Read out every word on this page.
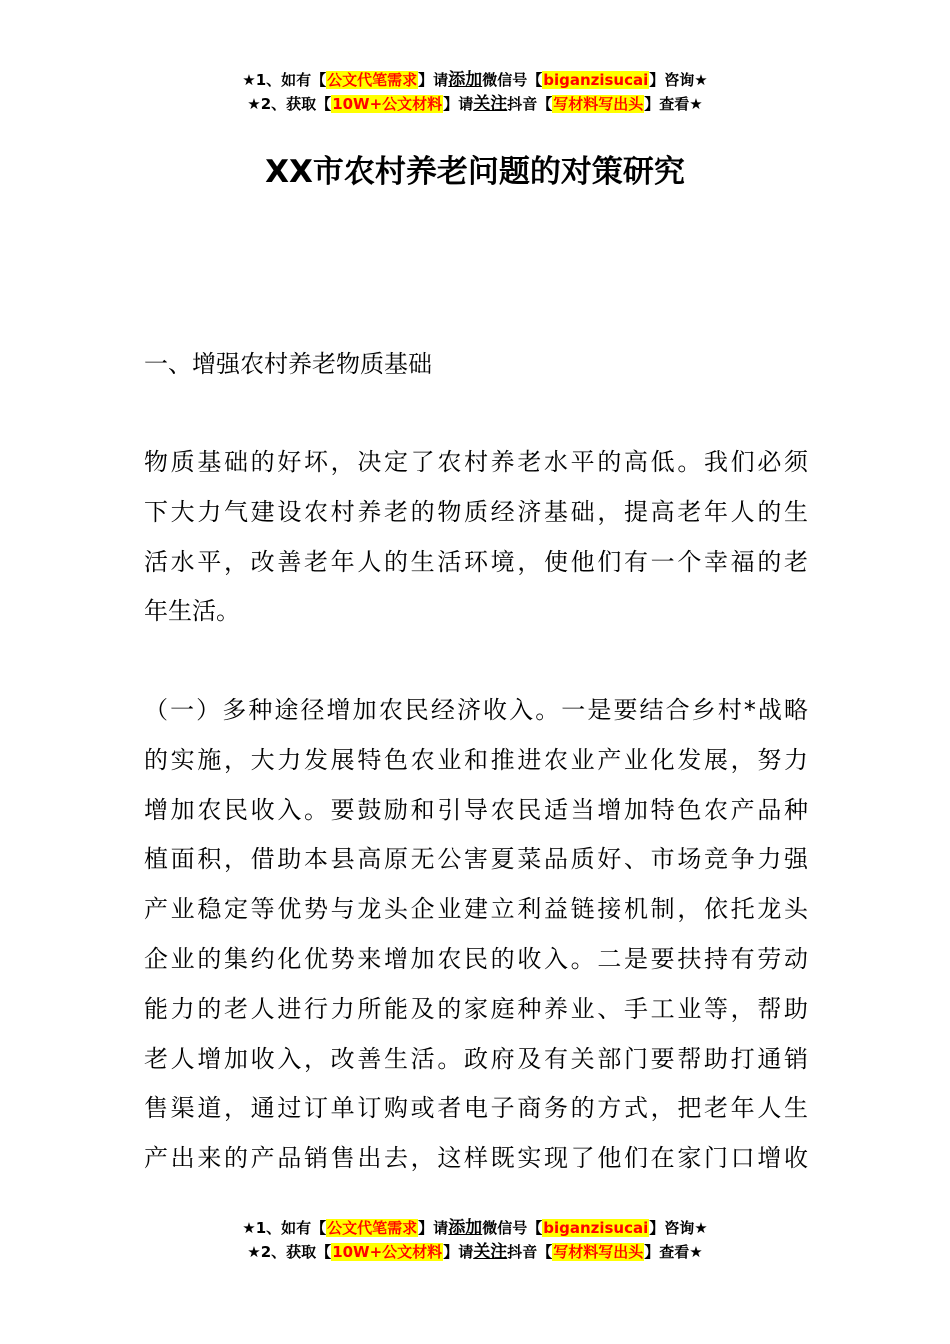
★1、如有【公文代笔需求】请添加微信号【biganzisucai】咨询★
★2、获取【10W+公文材料】请关注抖音【写材料写出头】查看★
XX市农村养老问题的对策研究
一、增强农村养老物质基础
物质基础的好坏，决定了农村养老水平的高低。我们必须
下大力气建设农村养老的物质经济基础，提高老年人的生
活水平，改善老年人的生活环境，使他们有一个幸福的老
年生活。
（一）多种途径增加农民经济收入。一是要结合乡村*战略
的实施，大力发展特色农业和推进农业产业化发展，努力
增加农民收入。要鼓励和引导农民适当增加特色农产品种
植面积，借助本县高原无公害夏菜品质好、市场竞争力强
产业稳定等优势与龙头企业建立利益链接机制，依托龙头
企业的集约化优势来增加农民的收入。二是要扶持有劳动
能力的老人进行力所能及的家庭种养业、手工业等，帮助
老人增加收入，改善生活。政府及有关部门要帮助打通销
售渠道，通过订单订购或者电子商务的方式，把老年人生
产出来的产品销售出去，这样既实现了他们在家门口增收
★1、如有【公文代笔需求】请添加微信号【biganzisucai】咨询★
★2、获取【10W+公文材料】请关注抖音【写材料写出头】查看★
